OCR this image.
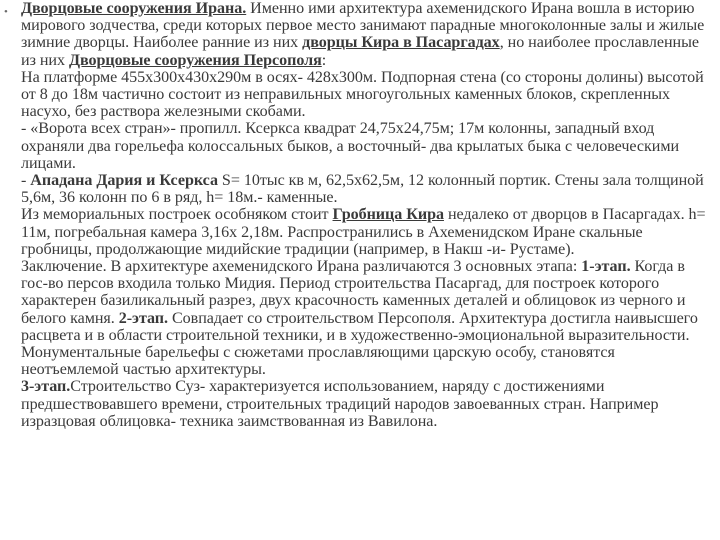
• Дворцовые сооружения Ирана. Именно ими архитектура ахеменидского Ирана вошла в историю мирового зодчества, среди которых первое место занимают парадные многоколонные залы и жилые зимние дворцы. Наиболее ранние из них дворцы Кира в Пасаргадах, но наиболее прославленные из них Дворцовые сооружения Персополя:

На платформе 455х300х430х290м в осях- 428х300м. Подпорная стена (со стороны долины) высотой от 8 до 18м частично состоит из неправильных многоугольных каменных блоков, скрепленных насухо, без раствора железными скобами.

- «Ворота всех стран»- пропилл. Ксеркса квадрат 24,75х24,75м; 17м колонны, западный вход охраняли два горельефа колоссальных быков, а восточный- два крылатых быка с человеческими лицами.

- Ападана Дария и Ксеркса S= 10тыс кв м, 62,5х62,5м, 12 колонный портик. Стены зала толщиной 5,6м, 36 колонн по 6 в ряд, h= 18м.- каменные.

Из мемориальных построек особняком стоит Гробница Кира недалеко от дворцов в Пасаргадах. h= 11м, погребальная камера 3,16х 2,18м. Распространились в Ахеменидском Иране скальные гробницы, продолжающие мидийские традиции (например, в Накш -и- Рустаме).

Заключение. В архитектуре ахеменидского Ирана различаются 3 основных этапа: 1-этап. Когда в гос-во персов входила только Мидия. Период строительства Пасаргад, для построек которого характерен базиликальный разрез, двух красочность каменных деталей и облицовок из черного и белого камня. 2-этап. Совпадает со строительством Персополя. Архитектура достигла наивысшего расцвета и в области строительной техники, и в художественно-эмоциональной выразительности. Монументальные барельефы с сюжетами прославляющими царскую особу, становятся неотъемлемой частью архитектуры.

3-этап.Строительство Суз- характеризуется использованием, наряду с достижениями предшествовавшего времени, строительных традиций народов завоеванных стран. Например изразцовая облицовка- техника заимствованная из Вавилона.
